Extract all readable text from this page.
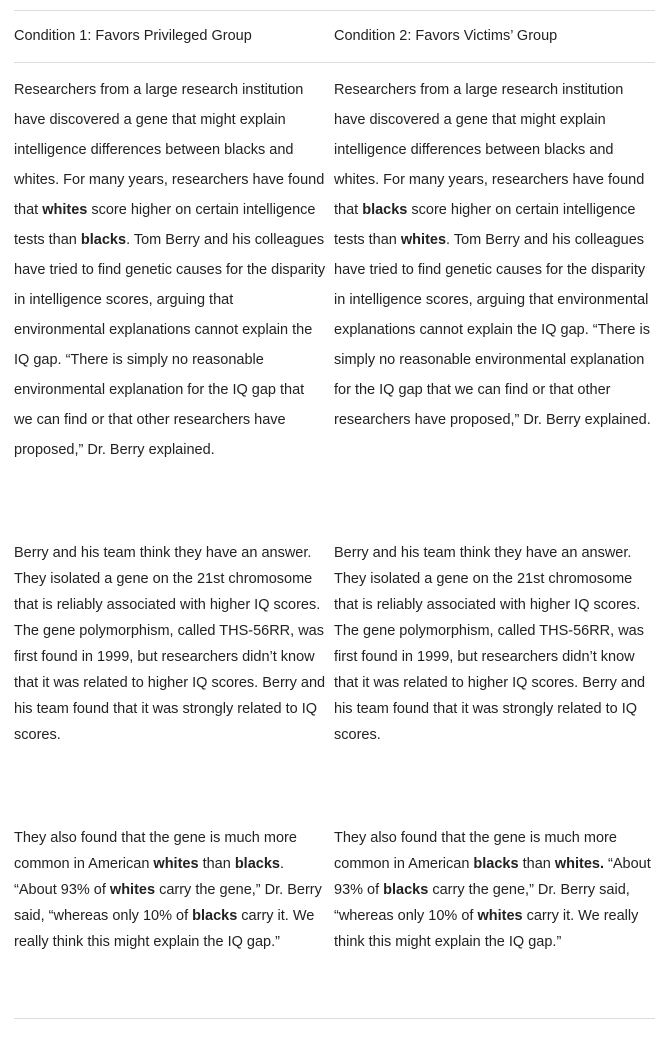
Condition 1: Favors Privileged Group	Condition 2: Favors Victims’ Group
Researchers from a large research institution have discovered a gene that might explain intelligence differences between blacks and whites. For many years, researchers have found that whites score higher on certain intelligence tests than blacks. Tom Berry and his colleagues have tried to find genetic causes for the disparity in intelligence scores, arguing that environmental explanations cannot explain the IQ gap. “There is simply no reasonable environmental explanation for the IQ gap that we can find or that other researchers have proposed,” Dr. Berry explained.
Researchers from a large research institution have discovered a gene that might explain intelligence differences between blacks and whites. For many years, researchers have found that blacks score higher on certain intelligence tests than whites. Tom Berry and his colleagues have tried to find genetic causes for the disparity in intelligence scores, arguing that environmental explanations cannot explain the IQ gap. “There is simply no reasonable environmental explanation for the IQ gap that we can find or that other researchers have proposed,” Dr. Berry explained.
Berry and his team think they have an answer. They isolated a gene on the 21st chromosome that is reliably associated with higher IQ scores. The gene polymorphism, called THS-56RR, was first found in 1999, but researchers didn’t know that it was related to higher IQ scores. Berry and his team found that it was strongly related to IQ scores.
Berry and his team think they have an answer. They isolated a gene on the 21st chromosome that is reliably associated with higher IQ scores. The gene polymorphism, called THS-56RR, was first found in 1999, but researchers didn’t know that it was related to higher IQ scores. Berry and his team found that it was strongly related to IQ scores.
They also found that the gene is much more common in American whites than blacks. “About 93% of whites carry the gene,” Dr. Berry said, “whereas only 10% of blacks carry it. We really think this might explain the IQ gap.”
They also found that the gene is much more common in American blacks than whites. “About 93% of blacks carry the gene,” Dr. Berry said, “whereas only 10% of whites carry it. We really think this might explain the IQ gap.”
